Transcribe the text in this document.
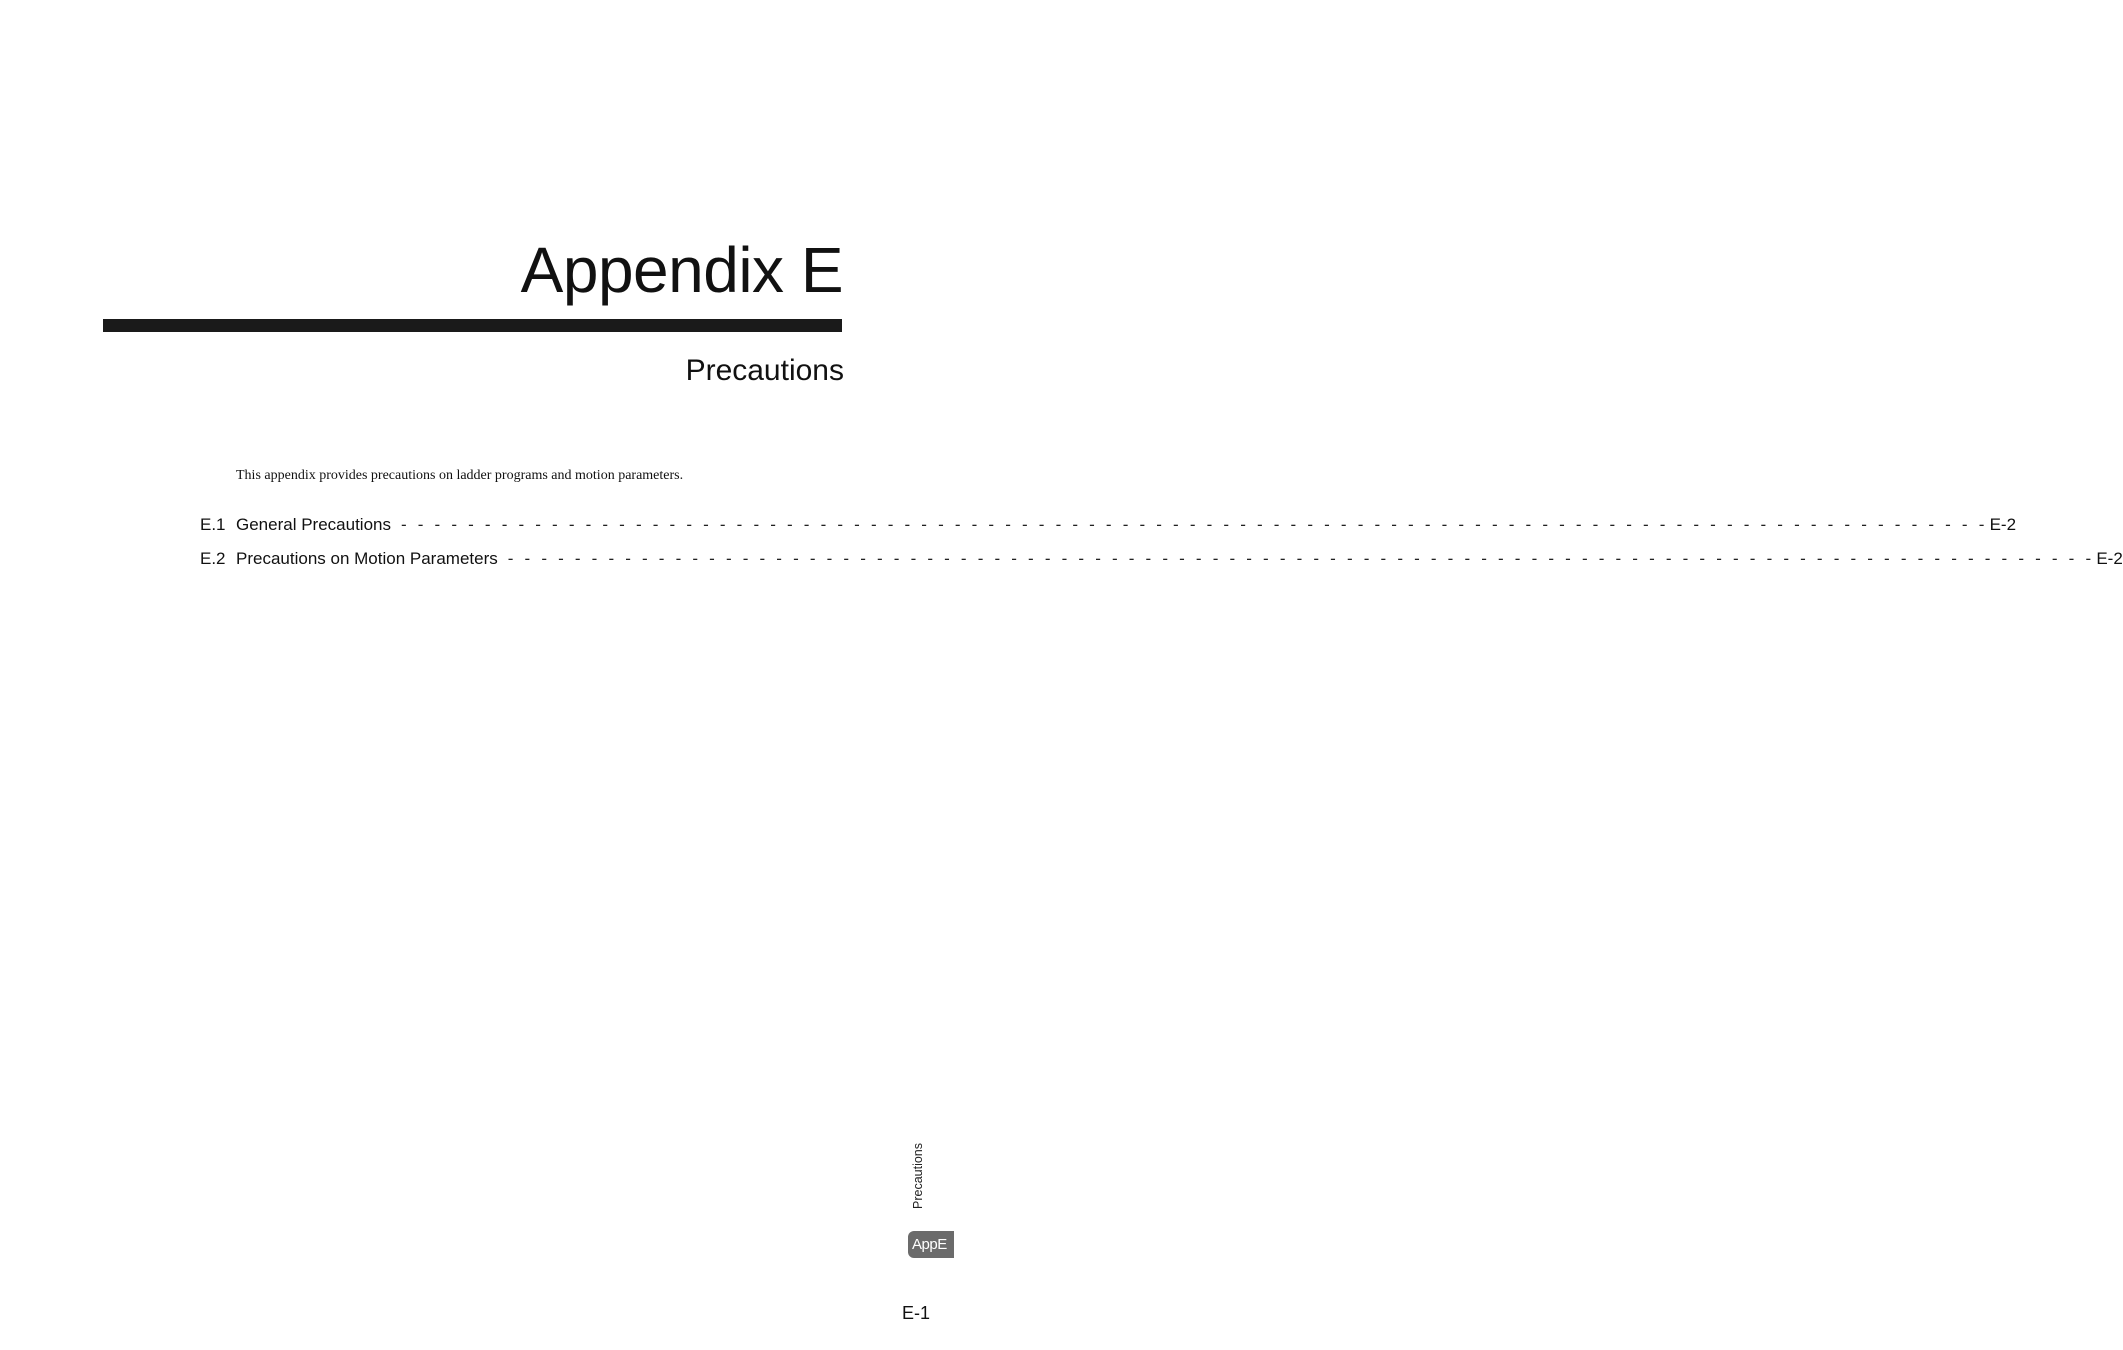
Appendix E
Precautions

This appendix provides precautions on ladder programs and motion parameters.

E.1 General Precautions - - - - - - - - - - - - - - - - - - - - - - - - - - - - - - - - - - - - - - - - - - - - - - - - - - - - - - - - - - - - - - - - - - - - - - - - - - - - - - - - - - - - - - - - - - - - - - - E-2
E.2 Precautions on Motion Parameters - - - - - - - - - - - - - - - - - - - - - - - - - - - - - - - - - - - - - - - - - - - - - - - - - - - - - - - - - - - - - - - - - - - - - - - - - - - - - - - - - - - - - - - - - - - - - - - E-2
Precautions
AppE
E-1
